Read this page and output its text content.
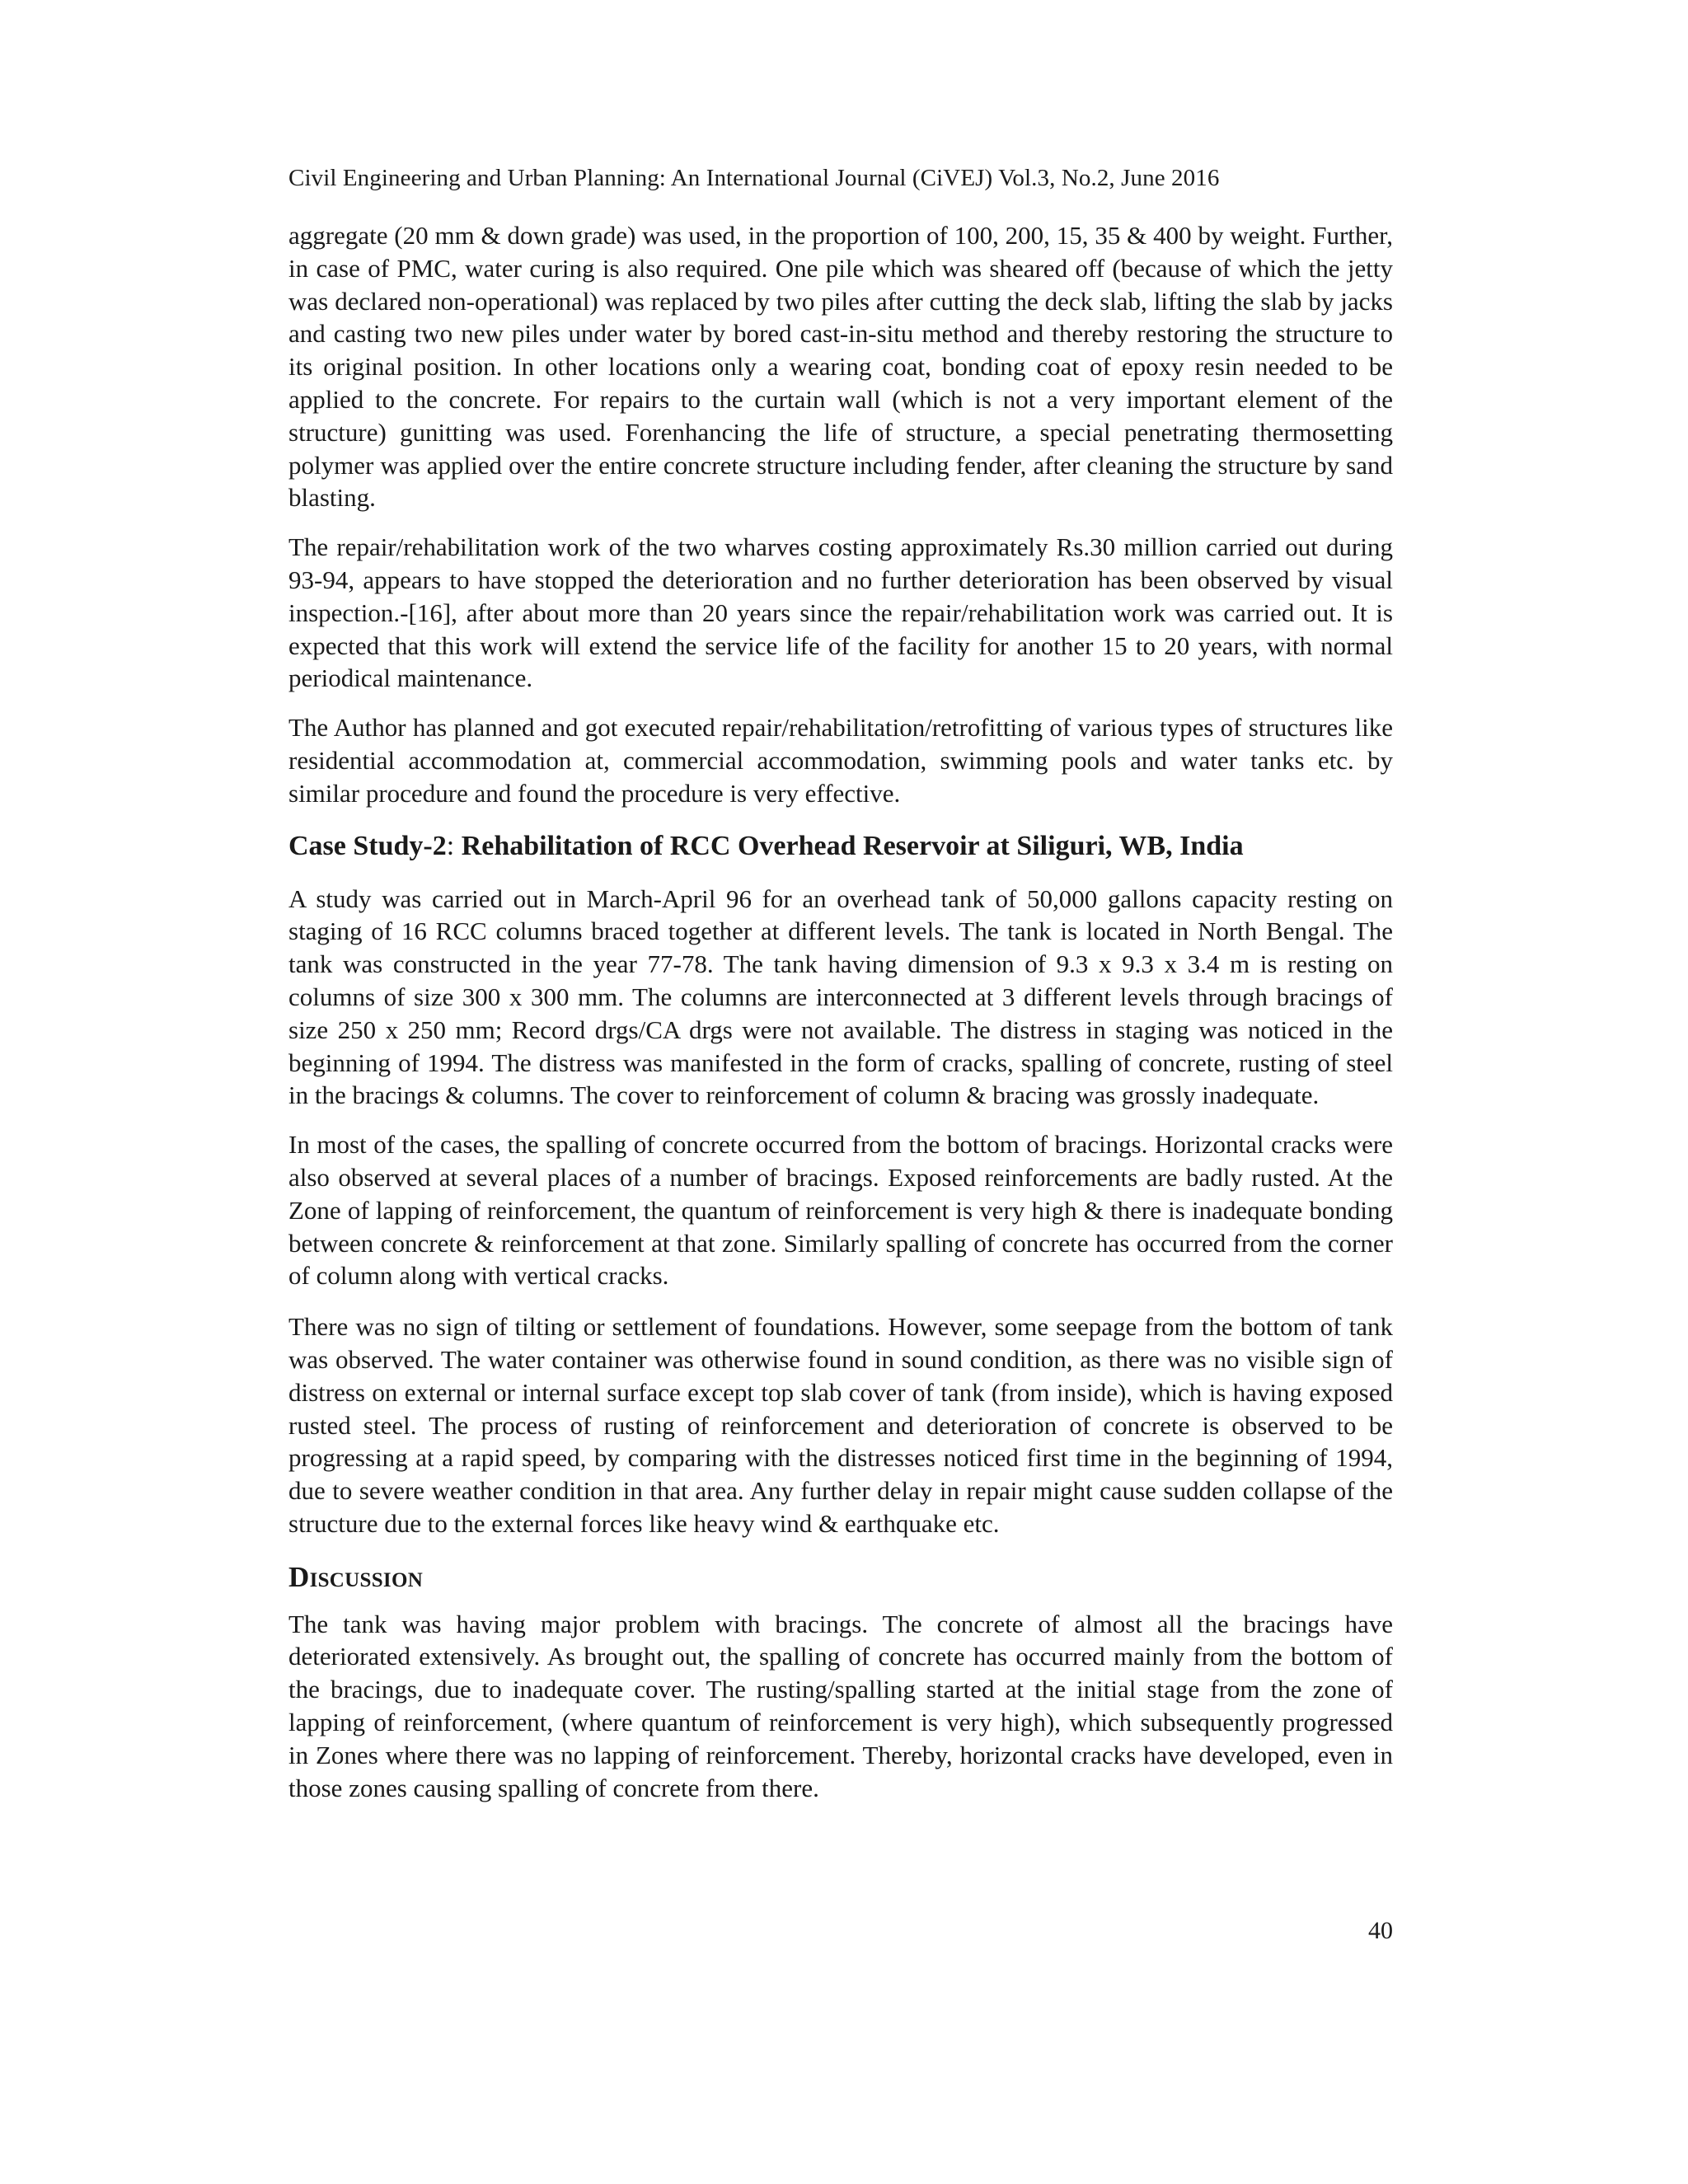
Civil Engineering and Urban Planning: An International Journal (CiVEJ) Vol.3, No.2, June 2016

aggregate (20 mm & down grade) was used, in the proportion of 100, 200, 15, 35 & 400 by weight. Further, in case of PMC, water curing is also required. One pile which was sheared off (because of which the jetty was declared non-operational) was replaced by two piles after cutting the deck slab, lifting the slab by jacks and casting two new piles under water by bored cast-in-situ method and thereby restoring the structure to its original position. In other locations only a wearing coat, bonding coat of epoxy resin needed to be applied to the concrete. For repairs to the curtain wall (which is not a very important element of the structure) gunitting was used. Forenhancing the life of structure, a special penetrating thermosetting polymer was applied over the entire concrete structure including fender, after cleaning the structure by sand blasting.

The repair/rehabilitation work of the two wharves costing approximately Rs.30 million carried out during 93-94, appears to have stopped the deterioration and no further deterioration has been observed by visual inspection.-[16], after about more than 20 years since the repair/rehabilitation work was carried out. It is expected that this work will extend the service life of the facility for another 15 to 20 years, with normal periodical maintenance.

The Author has planned and got executed repair/rehabilitation/retrofitting of various types of structures like residential accommodation at, commercial accommodation, swimming pools and water tanks etc. by similar procedure and found the procedure is very effective.

Case Study-2: Rehabilitation of RCC Overhead Reservoir at Siliguri, WB, India

A study was carried out in March-April 96 for an overhead tank of 50,000 gallons capacity resting on staging of 16 RCC columns braced together at different levels. The tank is located in North Bengal. The tank was constructed in the year 77-78. The tank having dimension of 9.3 x 9.3 x 3.4 m is resting on columns of size 300 x 300 mm. The columns are interconnected at 3 different levels through bracings of size 250 x 250 mm; Record drgs/CA drgs were not available. The distress in staging was noticed in the beginning of 1994. The distress was manifested in the form of cracks, spalling of concrete, rusting of steel in the bracings & columns. The cover to reinforcement of column & bracing was grossly inadequate.

In most of the cases, the spalling of concrete occurred from the bottom of bracings. Horizontal cracks were also observed at several places of a number of bracings. Exposed reinforcements are badly rusted. At the Zone of lapping of reinforcement, the quantum of reinforcement is very high & there is inadequate bonding between concrete & reinforcement at that zone. Similarly spalling of concrete has occurred from the corner of column along with vertical cracks.

There was no sign of tilting or settlement of foundations. However, some seepage from the bottom of tank was observed. The water container was otherwise found in sound condition, as there was no visible sign of distress on external or internal surface except top slab cover of tank (from inside), which is having exposed rusted steel. The process of rusting of reinforcement and deterioration of concrete is observed to be progressing at a rapid speed, by comparing with the distresses noticed first time in the beginning of 1994, due to severe weather condition in that area. Any further delay in repair might cause sudden collapse of the structure due to the external forces like heavy wind & earthquake etc.

Discussion

The tank was having major problem with bracings. The concrete of almost all the bracings have deteriorated extensively. As brought out, the spalling of concrete has occurred mainly from the bottom of the bracings, due to inadequate cover. The rusting/spalling started at the initial stage from the zone of lapping of reinforcement, (where quantum of reinforcement is very high), which subsequently progressed in Zones where there was no lapping of reinforcement. Thereby, horizontal cracks have developed, even in those zones causing spalling of concrete from there.

40
